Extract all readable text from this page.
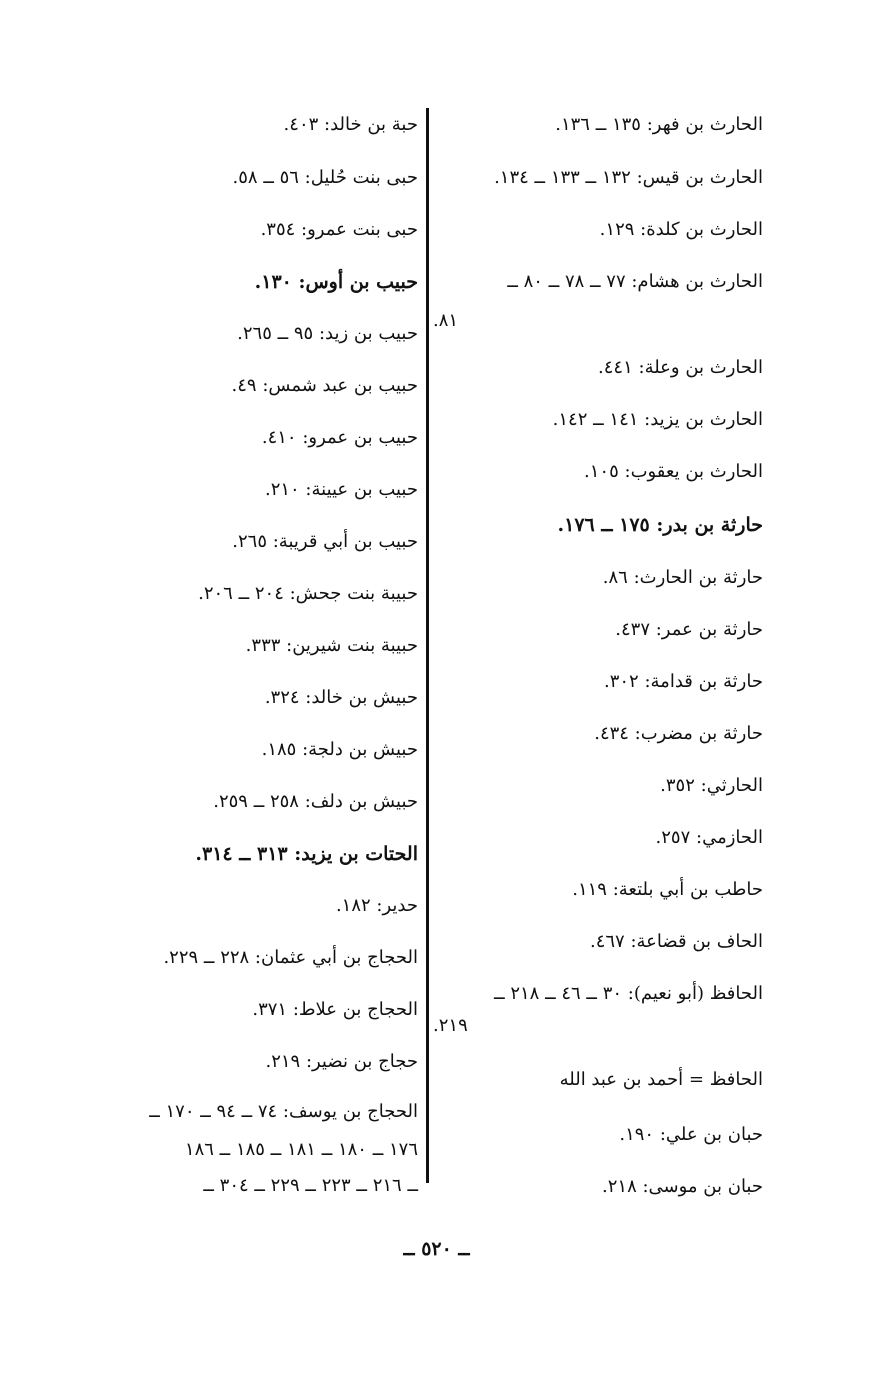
الحارث بن فهر: ١٣٥ ــ ١٣٦.
الحارث بن قيس: ١٣٢ ــ ١٣٣ ــ ١٣٤.
الحارث بن كلدة: ١٢٩.
الحارث بن هشام: ٧٧ ــ ٧٨ ــ ٨٠ ــ
٨١.
الحارث بن وعلة: ٤٤١.
الحارث بن يزيد: ١٤١ ــ ١٤٢.
الحارث بن يعقوب: ١٠٥.
حارثة بن بدر: ١٧٥ ــ ١٧٦.
حارثة بن الحارث: ٨٦.
حارثة بن عمر: ٤٣٧.
حارثة بن قدامة: ٣٠٢.
حارثة بن مضرب: ٤٣٤.
الحارثي: ٣٥٢.
الحازمي: ٢٥٧.
حاطب بن أبي بلتعة: ١١٩.
الحاف بن قضاعة: ٤٦٧.
الحافظ (أبو نعيم): ٣٠ ــ ٤٦ ــ ٢١٨ ــ
٢١٩.
الحافظ = أحمد بن عبد الله
حبان بن علي: ١٩٠.
حبان بن موسى: ٢١٨.
حبة بن خالد: ٤٠٣.
حبى بنت حُليل: ٥٦ ــ ٥٨.
حبى بنت عمرو: ٣٥٤.
حبيب بن أوس: ١٣٠.
حبيب بن زيد: ٩٥ ــ ٢٦٥.
حبيب بن عبد شمس: ٤٩.
حبيب بن عمرو: ٤١٠.
حبيب بن عيينة: ٢١٠.
حبيب بن أبي قريبة: ٢٦٥.
حبيبة بنت جحش: ٢٠٤ ــ ٢٠٦.
حبيبة بنت شيرين: ٣٣٣.
حبيش بن خالد: ٣٢٤.
حبيش بن دلجة: ١٨٥.
حبيش بن دلف: ٢٥٨ ــ ٢٥٩.
الحتات بن يزيد: ٣١٣ ــ ٣١٤.
حدير: ١٨٢.
الحجاج بن أبي عثمان: ٢٢٨ ــ ٢٢٩.
الحجاج بن علاط: ٣٧١.
حجاج بن نضير: ٢١٩.
الحجاج بن يوسف: ٧٤ ــ ٩٤ ــ ١٧٠ ــ
١٧٦ ــ ١٨٠ ــ ١٨١ ــ ١٨٥ ــ ١٨٦
ــ ٢١٦ ــ ٢٢٣ ــ ٢٢٩ ــ ٣٠٤ ــ
ــ ٥٢٠ ــ
